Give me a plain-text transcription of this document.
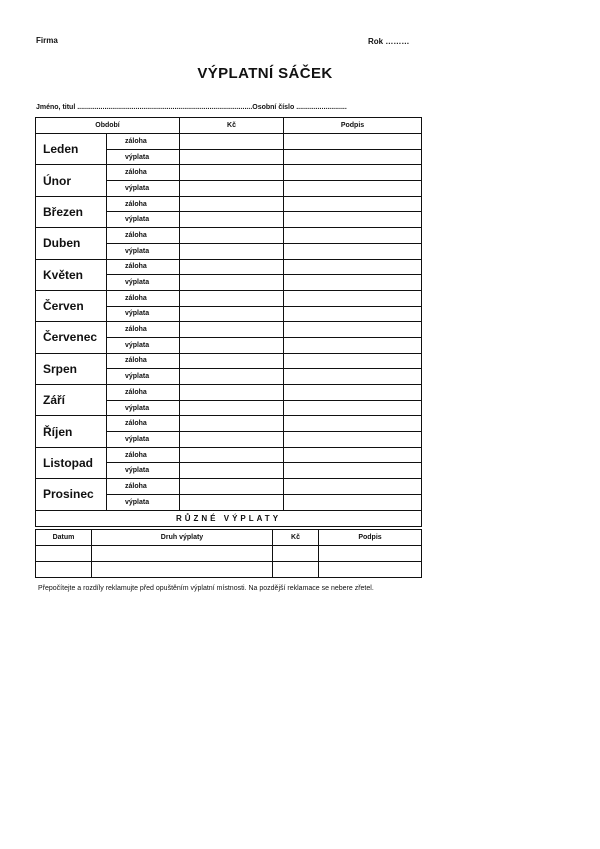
Firma	Rok ………
VÝPLATNÍ SÁČEK
Jméno, titul ..........................................................................................Osobní číslo ..........................
Období		Kč	Podpis
Leden	záloha		
	výplata		
Únor	záloha		
	výplata		
Březen	záloha		
	výplata		
Duben	záloha		
	výplata		
Květen	záloha		
	výplata		
Červen	záloha		
	výplata		
Červenec	záloha		
	výplata		
Srpen	záloha		
	výplata		
Září	záloha		
	výplata		
Říjen	záloha		
	výplata		
Listopad	záloha		
	výplata		
Prosinec	záloha		
	výplata		
RŮZNÉ VÝPLATY			
Datum	Druh výplaty	Kč	Podpis

Přepočítejte a rozdíly reklamujte před opuštěním výplatní místnosti. Na pozdější reklamace se nebere zřetel.
